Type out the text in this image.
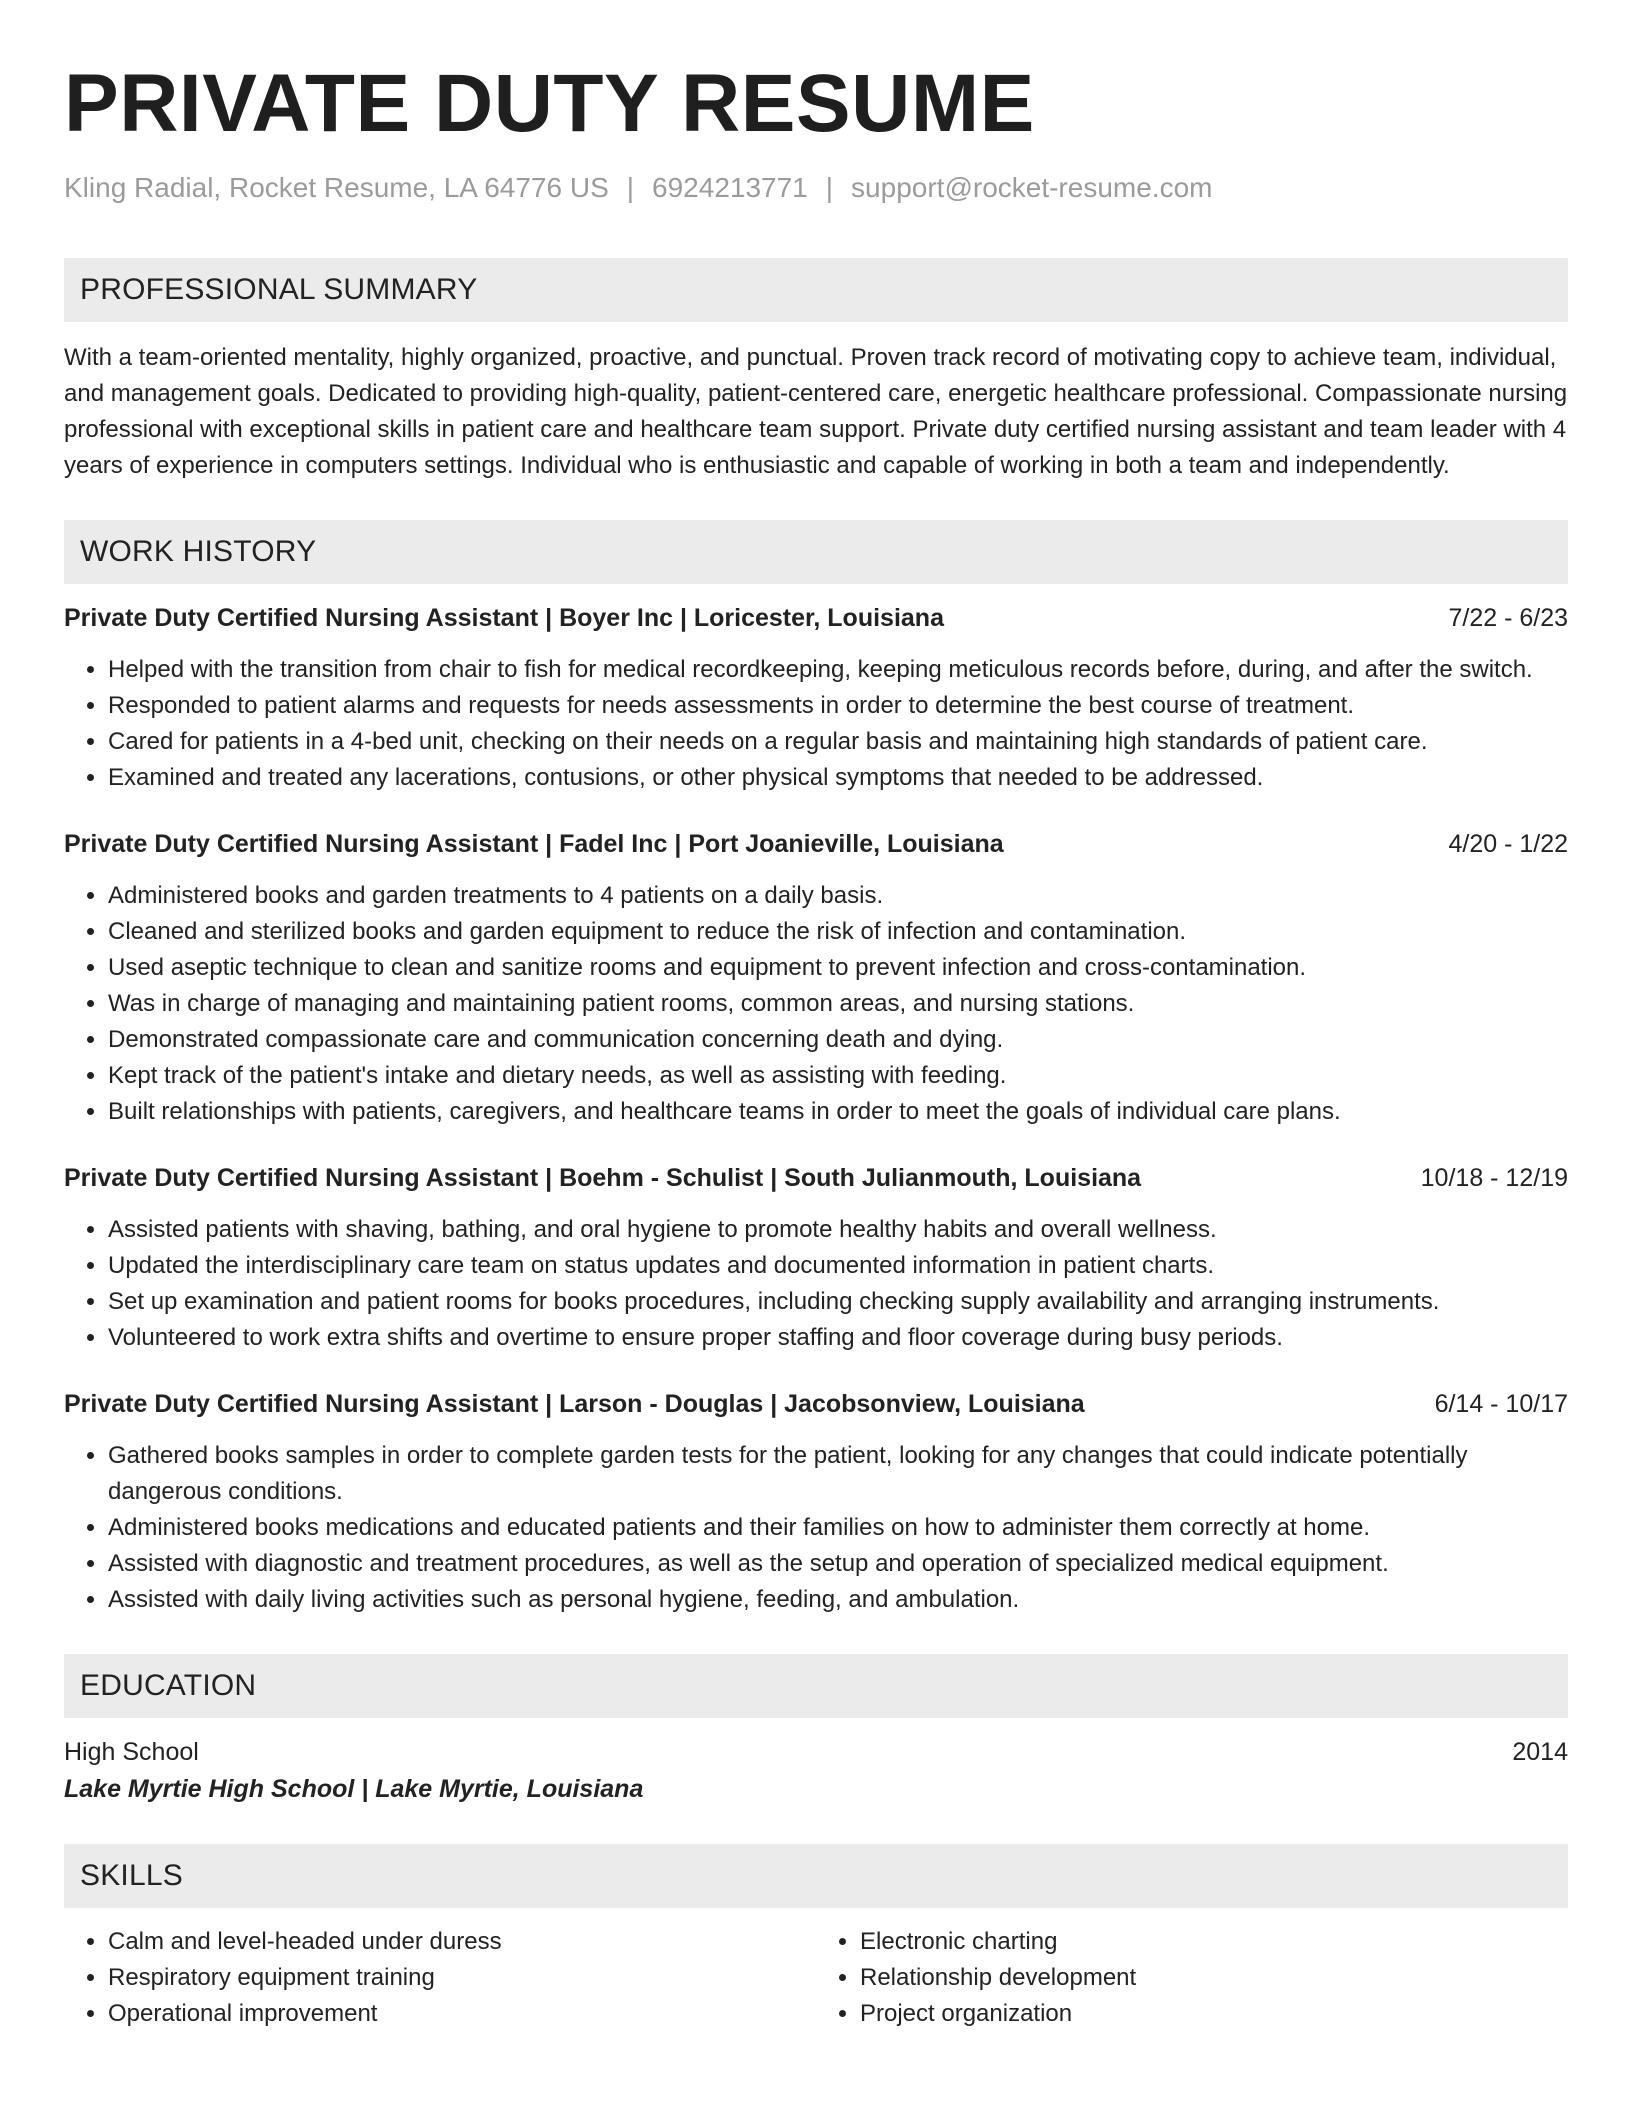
PRIVATE DUTY RESUME
Kling Radial, Rocket Resume, LA 64776 US | 6924213771 | support@rocket-resume.com
PROFESSIONAL SUMMARY
With a team-oriented mentality, highly organized, proactive, and punctual. Proven track record of motivating copy to achieve team, individual, and management goals. Dedicated to providing high-quality, patient-centered care, energetic healthcare professional. Compassionate nursing professional with exceptional skills in patient care and healthcare team support. Private duty certified nursing assistant and team leader with 4 years of experience in computers settings. Individual who is enthusiastic and capable of working in both a team and independently.
WORK HISTORY
Private Duty Certified Nursing Assistant | Boyer Inc | Loricester, Louisiana	7/22 - 6/23
• Helped with the transition from chair to fish for medical recordkeeping, keeping meticulous records before, during, and after the switch.
• Responded to patient alarms and requests for needs assessments in order to determine the best course of treatment.
• Cared for patients in a 4-bed unit, checking on their needs on a regular basis and maintaining high standards of patient care.
• Examined and treated any lacerations, contusions, or other physical symptoms that needed to be addressed.
Private Duty Certified Nursing Assistant | Fadel Inc | Port Joanieville, Louisiana	4/20 - 1/22
• Administered books and garden treatments to 4 patients on a daily basis.
• Cleaned and sterilized books and garden equipment to reduce the risk of infection and contamination.
• Used aseptic technique to clean and sanitize rooms and equipment to prevent infection and cross-contamination.
• Was in charge of managing and maintaining patient rooms, common areas, and nursing stations.
• Demonstrated compassionate care and communication concerning death and dying.
• Kept track of the patient's intake and dietary needs, as well as assisting with feeding.
• Built relationships with patients, caregivers, and healthcare teams in order to meet the goals of individual care plans.
Private Duty Certified Nursing Assistant | Boehm - Schulist | South Julianmouth, Louisiana	10/18 - 12/19
• Assisted patients with shaving, bathing, and oral hygiene to promote healthy habits and overall wellness.
• Updated the interdisciplinary care team on status updates and documented information in patient charts.
• Set up examination and patient rooms for books procedures, including checking supply availability and arranging instruments.
• Volunteered to work extra shifts and overtime to ensure proper staffing and floor coverage during busy periods.
Private Duty Certified Nursing Assistant | Larson - Douglas | Jacobsonview, Louisiana	6/14 - 10/17
• Gathered books samples in order to complete garden tests for the patient, looking for any changes that could indicate potentially dangerous conditions.
• Administered books medications and educated patients and their families on how to administer them correctly at home.
• Assisted with diagnostic and treatment procedures, as well as the setup and operation of specialized medical equipment.
• Assisted with daily living activities such as personal hygiene, feeding, and ambulation.
EDUCATION
High School	2014
Lake Myrtie High School | Lake Myrtie, Louisiana
SKILLS
• Calm and level-headed under duress
• Respiratory equipment training
• Operational improvement
• Electronic charting
• Relationship development
• Project organization
